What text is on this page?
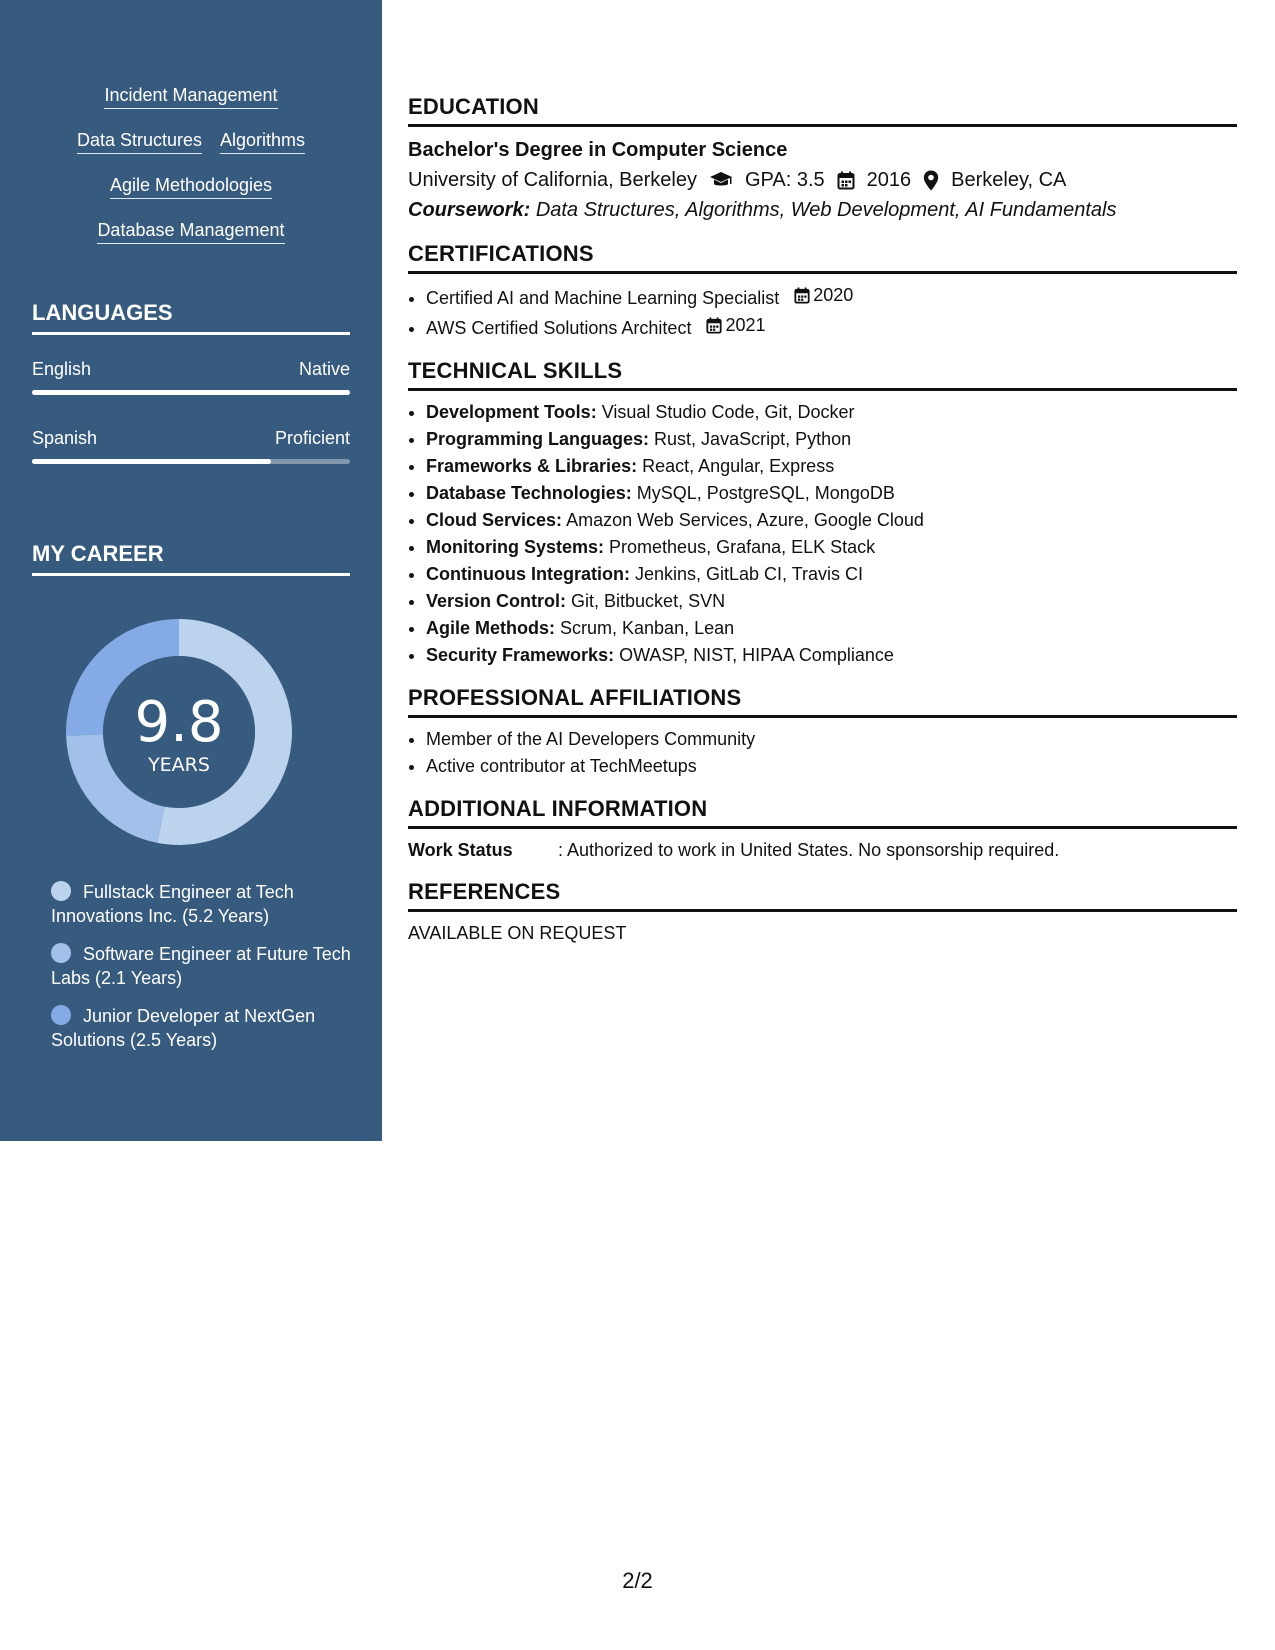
Incident Management
Data Structures Algorithms
Agile Methodologies
Database Management
LANGUAGES
English	Native
Spanish	Proficient
MY CAREER
9.8
YEARS
Fullstack Engineer at Tech Innovations Inc. (5.2 Years)
Software Engineer at Future Tech Labs (2.1 Years)
Junior Developer at NextGen Solutions (2.5 Years)
EDUCATION
Bachelor's Degree in Computer Science
University of California, Berkeley GPA: 3.5 2016 Berkeley, CA
Coursework: Data Structures, Algorithms, Web Development, AI Fundamentals
CERTIFICATIONS
• Certified AI and Machine Learning Specialist 2020
• AWS Certified Solutions Architect 2021
TECHNICAL SKILLS
• Development Tools: Visual Studio Code, Git, Docker
• Programming Languages: Rust, JavaScript, Python
• Frameworks & Libraries: React, Angular, Express
• Database Technologies: MySQL, PostgreSQL, MongoDB
• Cloud Services: Amazon Web Services, Azure, Google Cloud
• Monitoring Systems: Prometheus, Grafana, ELK Stack
• Continuous Integration: Jenkins, GitLab CI, Travis CI
• Version Control: Git, Bitbucket, SVN
• Agile Methods: Scrum, Kanban, Lean
• Security Frameworks: OWASP, NIST, HIPAA Compliance
PROFESSIONAL AFFILIATIONS
• Member of the AI Developers Community
• Active contributor at TechMeetups
ADDITIONAL INFORMATION
Work Status	: Authorized to work in United States. No sponsorship required.
REFERENCES
AVAILABLE ON REQUEST
2/2
